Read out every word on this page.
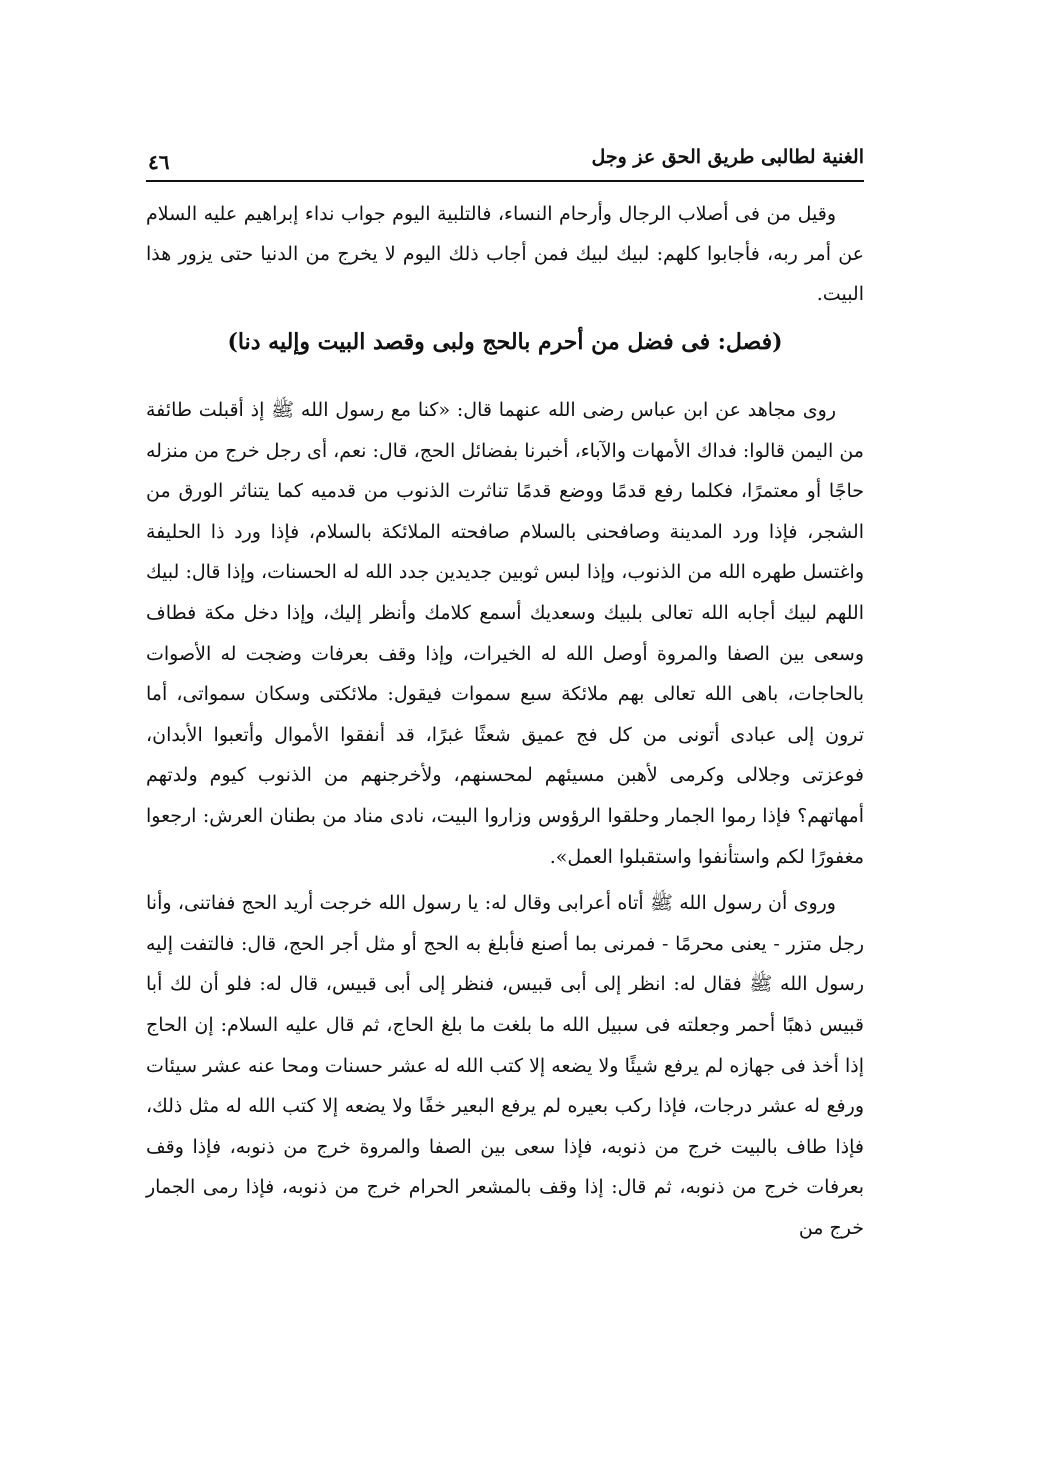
الغنية لطالبى طريق الحق عز وجل
٤٦

وقيل من فى أصلاب الرجال وأرحام النساء، فالتلبية اليوم جواب نداء إبراهيم عليه السلام عن أمر ربه، فأجابوا كلهم: لبيك لبيك فمن أجاب ذلك اليوم لا يخرج من الدنيا حتى يزور هذا البيت.

(فصل: فى فضل من أحرم بالحج ولبى وقصد البيت وإليه دنا)

روى مجاهد عن ابن عباس رضى الله عنهما قال: «كنا مع رسول الله ﷺ إذ أقبلت طائفة من اليمن قالوا: فداك الأمهات والآباء، أخبرنا بفضائل الحج، قال: نعم، أى رجل خرج من منزله حاجًا أو معتمرًا، فكلما رفع قدمًا ووضع قدمًا تناثرت الذنوب من قدميه كما يتناثر الورق من الشجر، فإذا ورد المدينة وصافحنى بالسلام صافحته الملائكة بالسلام، فإذا ورد ذا الحليفة واغتسل طهره الله من الذنوب، وإذا لبس ثوبين جديدين جدد الله له الحسنات، وإذا قال: لبيك اللهم لبيك أجابه الله تعالى بلبيك وسعديك أسمع كلامك وأنظر إليك، وإذا دخل مكة فطاف وسعى بين الصفا والمروة أوصل الله له الخيرات، وإذا وقف بعرفات وضجت له الأصوات بالحاجات، باهى الله تعالى بهم ملائكة سبع سموات فيقول: ملائكتى وسكان سمواتى، أما ترون إلى عبادى أتونى من كل فج عميق شعثًا غبرًا، قد أنفقوا الأموال وأتعبوا الأبدان، فوعزتى وجلالى وكرمى لأهبن مسيئهم لمحسنهم، ولأخرجنهم من الذنوب كيوم ولدتهم أمهاتهم؟ فإذا رموا الجمار وحلقوا الرؤوس وزاروا البيت، نادى مناد من بطنان العرش: ارجعوا مغفورًا لكم واستأنفوا واستقبلوا العمل».

وروى أن رسول الله ﷺ أتاه أعرابى وقال له: يا رسول الله خرجت أريد الحج ففاتنى، وأنا رجل متزر - يعنى محرمًا - فمرنى بما أصنع فأبلغ به الحج أو مثل أجر الحج، قال: فالتفت إليه رسول الله ﷺ فقال له: انظر إلى أبى قبيس، فنظر إلى أبى قبيس، قال له: فلو أن لك أبا قبيس ذهبًا أحمر وجعلته فى سبيل الله ما بلغت ما بلغ الحاج، ثم قال عليه السلام: إن الحاج إذا أخذ فى جهازه لم يرفع شيئًا ولا يضعه إلا كتب الله له عشر حسنات ومحا عنه عشر سيئات ورفع له عشر درجات، فإذا ركب بعيره لم يرفع البعير خفًا ولا يضعه إلا كتب الله له مثل ذلك، فإذا طاف بالبيت خرج من ذنوبه، فإذا سعى بين الصفا والمروة خرج من ذنوبه، فإذا وقف بعرفات خرج من ذنوبه، ثم قال: إذا وقف بالمشعر الحرام خرج من ذنوبه، فإذا رمى الجمار خرج من
